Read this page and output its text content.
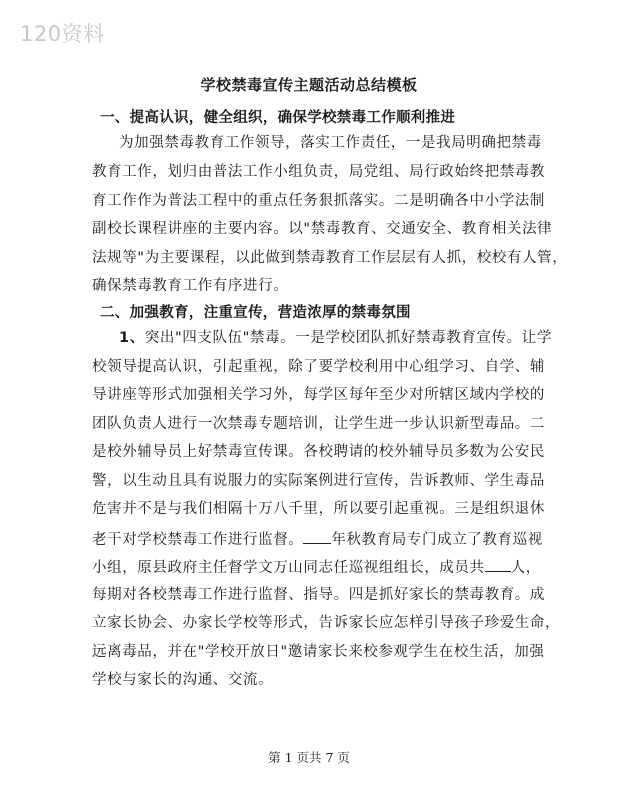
120资料
学校禁毒宣传主题活动总结模板
一、提高认识，健全组织，确保学校禁毒工作顺利推进
为加强禁毒教育工作领导，落实工作责任，一是我局明确把禁毒
教育工作，划归由普法工作小组负责，局党组、局行政始终把禁毒教
育工作作为普法工程中的重点任务狠抓落实。二是明确各中小学法制
副校长课程讲座的主要内容。以"禁毒教育、交通安全、教育相关法律
法规等"为主要课程，以此做到禁毒教育工作层层有人抓，校校有人管，
确保禁毒教育工作有序进行。
二、加强教育，注重宣传，营造浓厚的禁毒氛围
1、突出"四支队伍"禁毒。一是学校团队抓好禁毒教育宣传。让学
校领导提高认识，引起重视，除了要学校利用中心组学习、自学、辅
导讲座等形式加强相关学习外，每学区每年至少对所辖区域内学校的
团队负责人进行一次禁毒专题培训，让学生进一步认识新型毒品。二
是校外辅导员上好禁毒宣传课。各校聘请的校外辅导员多数为公安民
警，以生动且具有说服力的实际案例进行宣传，告诉教师、学生毒品
危害并不是与我们相隔十万八千里，所以要引起重视。三是组织退休
老干对学校禁毒工作进行监督。 年秋教育局专门成立了教育巡视
小组，原县政府主任督学文万山同志任巡视组组长，成员共 人，
每期对各校禁毒工作进行监督、指导。四是抓好家长的禁毒教育。成
立家长协会、办家长学校等形式，告诉家长应怎样引导孩子珍爱生命，
远离毒品，并在"学校开放日"邀请家长来校参观学生在校生活，加强
学校与家长的沟通、交流。
第 1 页共 7 页
